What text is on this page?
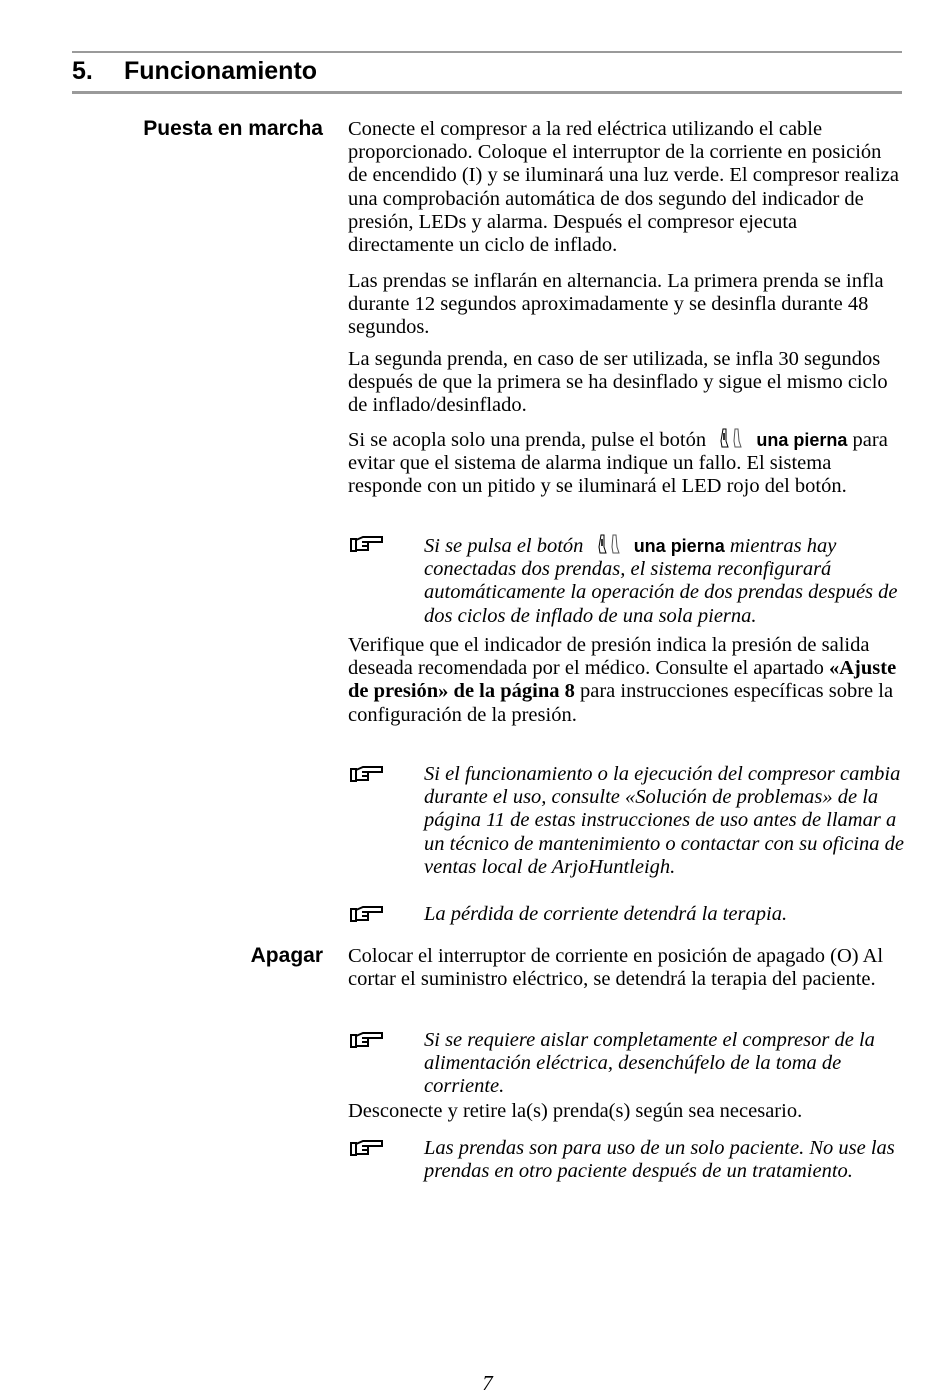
5. Funcionamiento
Puesta en marcha Conecte el compresor a la red eléctrica utilizando el cable proporcionado. Coloque el interruptor de la corriente en posición de encendido (I) y se iluminará una luz verde. El compresor realiza una comprobación automática de dos segundo del indicador de presión, LEDs y alarma. Después el compresor ejecuta directamente un ciclo de inflado.

Las prendas se inflarán en alternancia. La primera prenda se infla durante 12 segundos aproximadamente y se desinfla durante 48 segundos.

La segunda prenda, en caso de ser utilizada, se infla 30 segundos después de que la primera se ha desinflado y sigue el mismo ciclo de inflado/desinflado.

Si se acopla solo una prenda, pulse el botón	una pierna para evitar que el sistema de alarma indique un fallo. El sistema responde con un pitido y se iluminará el LED rojo del botón.

Si se pulsa el botón	una pierna mientras hay conectadas dos prendas, el sistema reconfigurará automáticamente la operación de dos prendas después de dos ciclos de inflado de una sola pierna.

Verifique que el indicador de presión indica la presión de salida deseada recomendada por el médico. Consulte el apartado «Ajuste de presión» de la página 8 para instrucciones específicas sobre la configuración de la presión.

Si el funcionamiento o la ejecución del compresor cambia durante el uso, consulte «Solución de problemas» de la página 11 de estas instrucciones de uso antes de llamar a un técnico de mantenimiento o contactar con su oficina de ventas local de ArjoHuntleigh.
La pérdida de corriente detendrá la terapia.
Apagar Colocar el interruptor de corriente en posición de apagado (O) Al cortar el suministro eléctrico, se detendrá la terapia del paciente.

Si se requiere aislar completamente el compresor de la alimentación eléctrica, desenchúfelo de la toma de corriente.

Desconecte y retire la(s) prenda(s) según sea necesario.

Las prendas son para uso de un solo paciente. No use las prendas en otro paciente después de un tratamiento.
7
